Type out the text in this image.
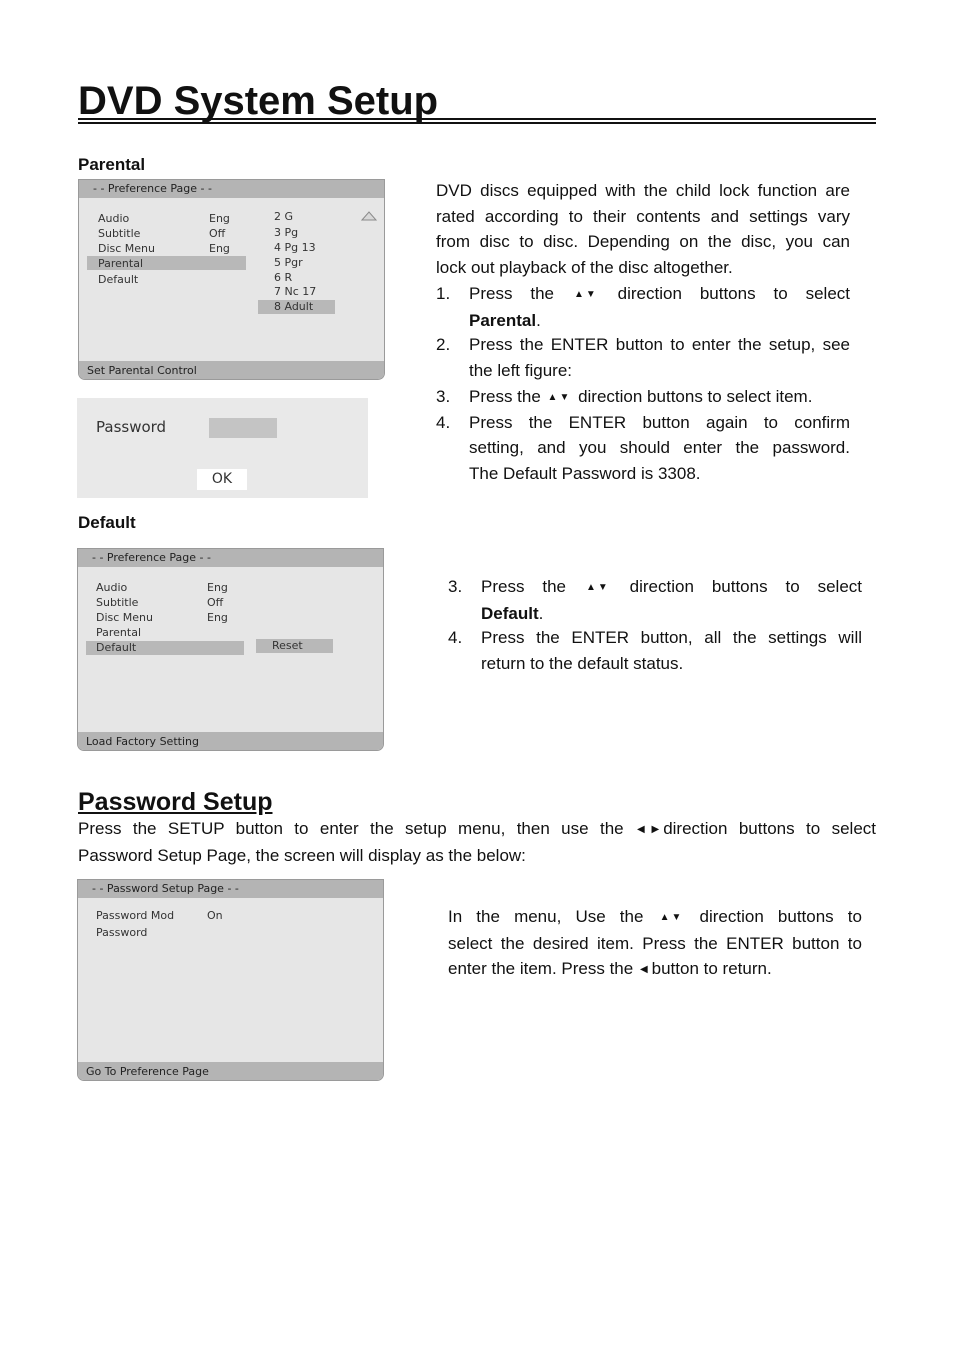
DVD System Setup
Parental
- - Preference Page - -
Audio	Eng
Subtitle	Off
Disc Menu	Eng
Parental
Default
2 G
3 Pg
4 Pg 13
5 Pgr
6 R
7 Nc 17
8 Adult
Set Parental Control
Password
OK
DVD discs equipped with the child lock function are
rated according to their contents and settings vary
from disc to disc. Depending on the disc, you can
lock out playback of the disc altogether.
1. Press the ▲▼ direction buttons to select
Parental.
2. Press the ENTER button to enter the setup, see
the left figure:
3. Press the ▲▼ direction buttons to select item.
4. Press the ENTER button again to confirm
setting, and you should enter the password.
The Default Password is 3308.
Default
- - Preference Page - -
Audio	Eng
Subtitle	Off
Disc Menu	Eng
Parental
Default	Reset
Load Factory Setting
3. Press the ▲▼ direction buttons to select
Default.
4. Press the ENTER button, all the settings will
return to the default status.
Password Setup
Press the SETUP button to enter the setup menu, then use the ◀ ▶ direction buttons to select
Password Setup Page, the screen will display as the below:
- - Password Setup Page - -
Password Mod	On
Password
Go To Preference Page
In the menu, Use the ▲▼ direction buttons to
select the desired item. Press the ENTER button to
enter the item. Press the ◀ button to return.
